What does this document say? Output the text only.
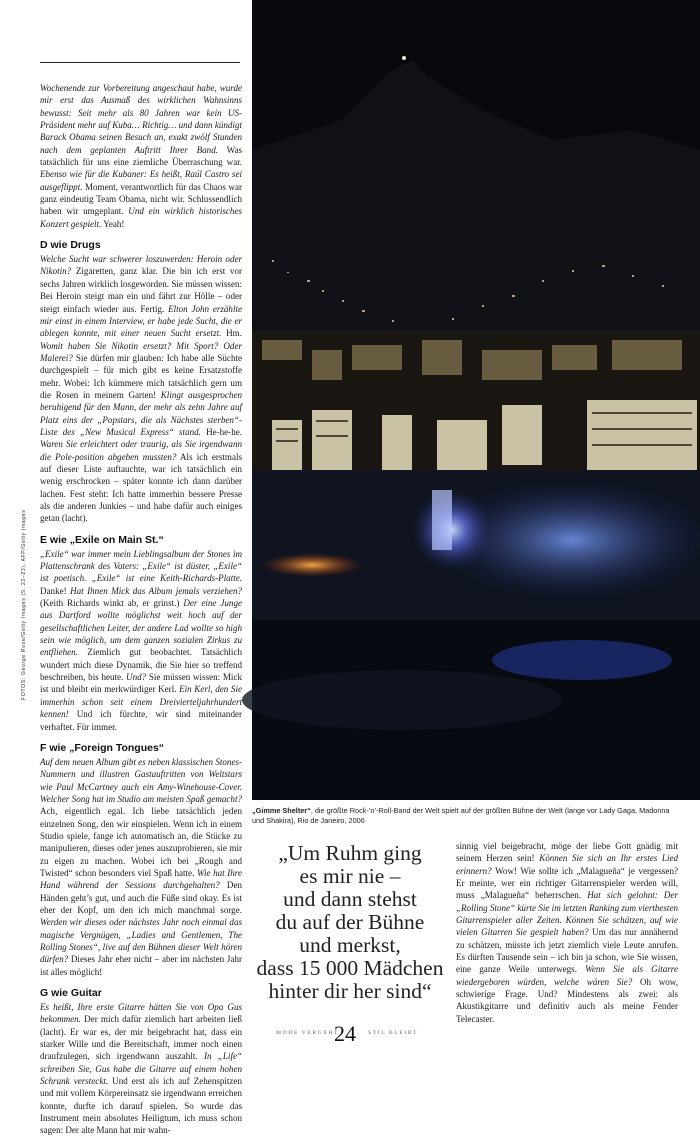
Wochenende zur Vorbereitung angeschaut habe, wurde mir erst das Ausmaß des wirklichen Wahnsinns bewusst: Seit mehr als 80 Jahren war kein US-Präsident mehr auf Kuba… Richtig… und dann kündigt Barack Obama seinen Besuch an, exakt zwölf Stunden nach dem geplanten Auftritt Ihrer Band. Was tatsächlich für uns eine ziemliche Überraschung war. Ebenso wie für die Kubaner: Es heißt, Raúl Castro sei ausgeflippt. Moment, verantwortlich für das Chaos war ganz eindeutig Team Obama, nicht wir. Schlussendlich haben wir umgeplant. Und ein wirklich historisches Konzert gespielt. Yeah!

D wie Drugs

Welche Sucht war schwerer loszuwerden: Heroin oder Nikotin? Zigaretten, ganz klar. Die bin ich erst vor sechs Jahren wirklich losgeworden. Sie müssen wissen: Bei Heroin steigt man ein und fährt zur Hölle – oder steigt einfach wieder aus. Fertig. Elton John erzählte mir einst in einem Interview, er habe jede Sucht, die er ablegen konnte, mit einer neuen Sucht ersetzt. Hm. Womit haben Sie Nikotin ersetzt? Mit Sport? Oder Malerei? Sie dürfen mir glauben: Ich habe alle Süchte durchgespielt – für mich gibt es keine Ersatzstoffe mehr. Wobei: Ich kümmere mich tatsächlich gern um die Rosen in meinem Garten! Klingt ausgesprochen beruhigend für den Mann, der mehr als zehn Jahre auf Platz eins der „Popstars, die als Nächstes sterben“-Liste des „New Musical Express“ stand. He-he-he. Waren Sie erleichtert oder traurig, als Sie irgendwann die Pole-position abgeben mussten? Als ich erstmals auf dieser Liste auftauchte, war ich tatsächlich ein wenig erschrocken – später konnte ich dann darüber lachen. Fest steht: Ich hatte immerhin bessere Presse als die anderen Junkies – und habe dafür auch einiges getan (lacht).

E wie „Exile on Main St.“

„Exile“ war immer mein Lieblingsalbum der Stones im Plattenschrank des Vaters: „Exile“ ist düster, „Exile“ ist poetisch. „Exile“ ist eine Keith-Richards-Platte. Danke! Hat Ihnen Mick das Album jemals verziehen? (Keith Richards winkt ab, er grinst.) Der eine Junge aus Dartford wollte möglichst weit hoch auf der gesellschaftlichen Leiter, der andere Lad wollte so high sein wie möglich, um dem ganzen sozialen Zirkus zu entfliehen. Ziemlich gut beobachtet. Tatsächlich wundert mich diese Dynamik, die Sie hier so treffend beschreiben, bis heute. Und? Sie müssen wissen: Mick ist und bleibt ein merkwürdiger Kerl. Ein Kerl, den Sie immerhin schon seit einem Dreivierteljahrhundert kennen! Und ich fürchte, wir sind miteinander verhaftet. Für immer.

F wie „Foreign Tongues“

Auf dem neuen Album gibt es neben klassischen Stones-Nummern und illustren Gastauftritten von Weltstars wie Paul McCartney auch ein Amy-Winehouse-Cover. Welcher Song hat im Studio am meisten Spaß gemacht? Ach, eigentlich egal. Ich liebe tatsächlich jeden einzelnen Song, den wir einspielen. Wenn ich in einem Studio spiele, fange ich automatisch an, die Stücke zu manipulieren, dieses oder jenes auszuprobieren, sie mir zu eigen zu machen. Wobei ich bei „Rough and Twisted“ schon besonders viel Spaß hatte. Wie hat Ihre Hand während der Sessions durchgehalten? Den Händen geht’s gut, und auch die Füße sind okay. Es ist eher der Kopf, um den ich mich manchmal sorge. Werden wir dieses oder nächstes Jahr noch einmal das magische Vergnügen, „Ladies and Gentlemen, The Rolling Stones“, live auf den Bühnen dieser Welt hören dürfen? Dieses Jahr eher nicht – aber im nächsten Jahr ist alles möglich!

G wie Guitar

Es heißt, Ihre erste Gitarre hätten Sie von Opa Gus bekommen. Der mich dafür ziemlich hart arbeiten ließ (lacht). Er war es, der mir beigebracht hat, dass ein starker Wille und die Bereitschaft, immer noch einen draufzulegen, sich irgendwann auszahlt. In „Life“ schreiben Sie, Gus habe die Gitarre auf einem hohen Schrank versteckt. Und erst als ich auf Zehenspitzen und mit vollem Körpereinsatz sie irgendwann erreichen konnte, durfte ich darauf spielen. So wurde das Instrument mein absolutes Heiligtum, ich muss schon sagen: Der alte Mann hat mir wahn-

FOTOS: George Rose/Getty Images (S. 22–23), AFP/Getty Images
„Gimme Shelter“, die größte Rock-’n’-Roll-Band der Welt spielt auf der größten Bühne der Welt (lange vor Lady Gaga, Madonna und Shakira), Rio de Janeiro, 2006
„Um Ruhm ging
es mir nie –
und dann stehst
du auf der Bühne
und merkst,
dass 15 000 Mädchen
hinter dir her sind“

sinnig viel beigebracht, möge der liebe Gott gnädig mit seinem Herzen sein! Können Sie sich an Ihr erstes Lied erinnern? Wow! Wie sollte ich „Malagueña“ je vergessen? Er meinte, wer ein richtiger Gitarrenspieler werden will, muss „Malagueña“ beherrschen. Hat sich gelohnt: Der „Rolling Stone“ kürte Sie im letzten Ranking zum viertbesten Gitarrenspieler aller Zeiten. Können Sie schätzen, auf wie vielen Gitarren Sie gespielt haben? Um das nur annähernd zu schätzen, müsste ich jetzt ziemlich viele Leute anrufen. Es dürften Tausende sein – ich bin ja schon, wie Sie wissen, eine ganze Weile unterwegs. Wenn Sie als Gitarre wiedergeboren würden, welche wären Sie? Oh wow, schwierige Frage. Und? Mindestens als zwei: als Akustikgitarre und definitiv auch als meine Fender Telecaster.

MODE VERGEHT
24 STIL BLEIBT
